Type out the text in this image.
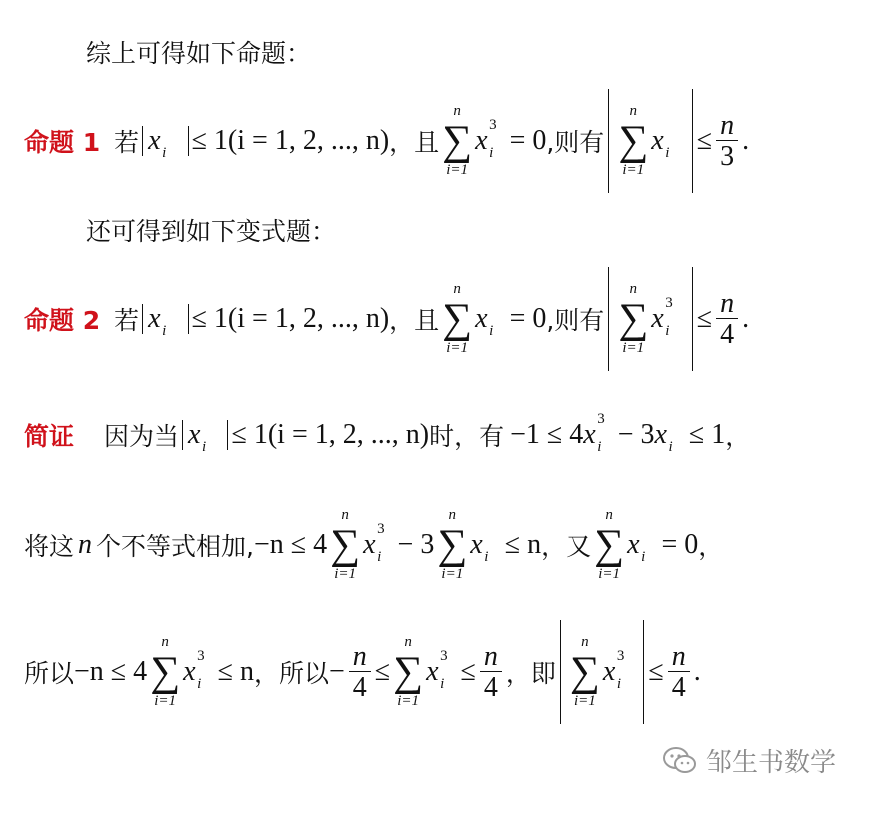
综上可得如下命题：
命题 1 若 x i ≤ 1(i = 1, 2, ..., n) ，且
n
∑
i=1
x 3
i = 0 ,则有
n
∑
i=1
x $i \le \frac{n}{3}$ .
还可得到如下变式题：
命题 2 若 x i ≤ 1(i = 1, 2, ..., n) ，且
n
∑
i=1
x i = 0 ,则有
n
∑
i=1
x 3
$i \le \frac{n}{4}$ .
简证 因为当 x i ≤ 1(i = 1, 2, ..., n) 时，有 −1 ≤ 4 x 3
i − 3 x i ≤ 1 ，
将这 n 个不等式相加, −n ≤ 4
n
∑
i=1
x 3
i − 3
n
∑
i=1
x i ≤ n ，又
n
∑
i=1
x i = 0 ，
所以 −n ≤ 4
n
∑
i=1
x 3
i ≤ n ，所以 − $\frac{n}{4}$ ≤
n
∑
i=1
x 3
$i \le \frac{n}{4}$ ，即
n
∑
i=1
x 3
$i \le \frac{n}{4}$ .
邹生书数学
